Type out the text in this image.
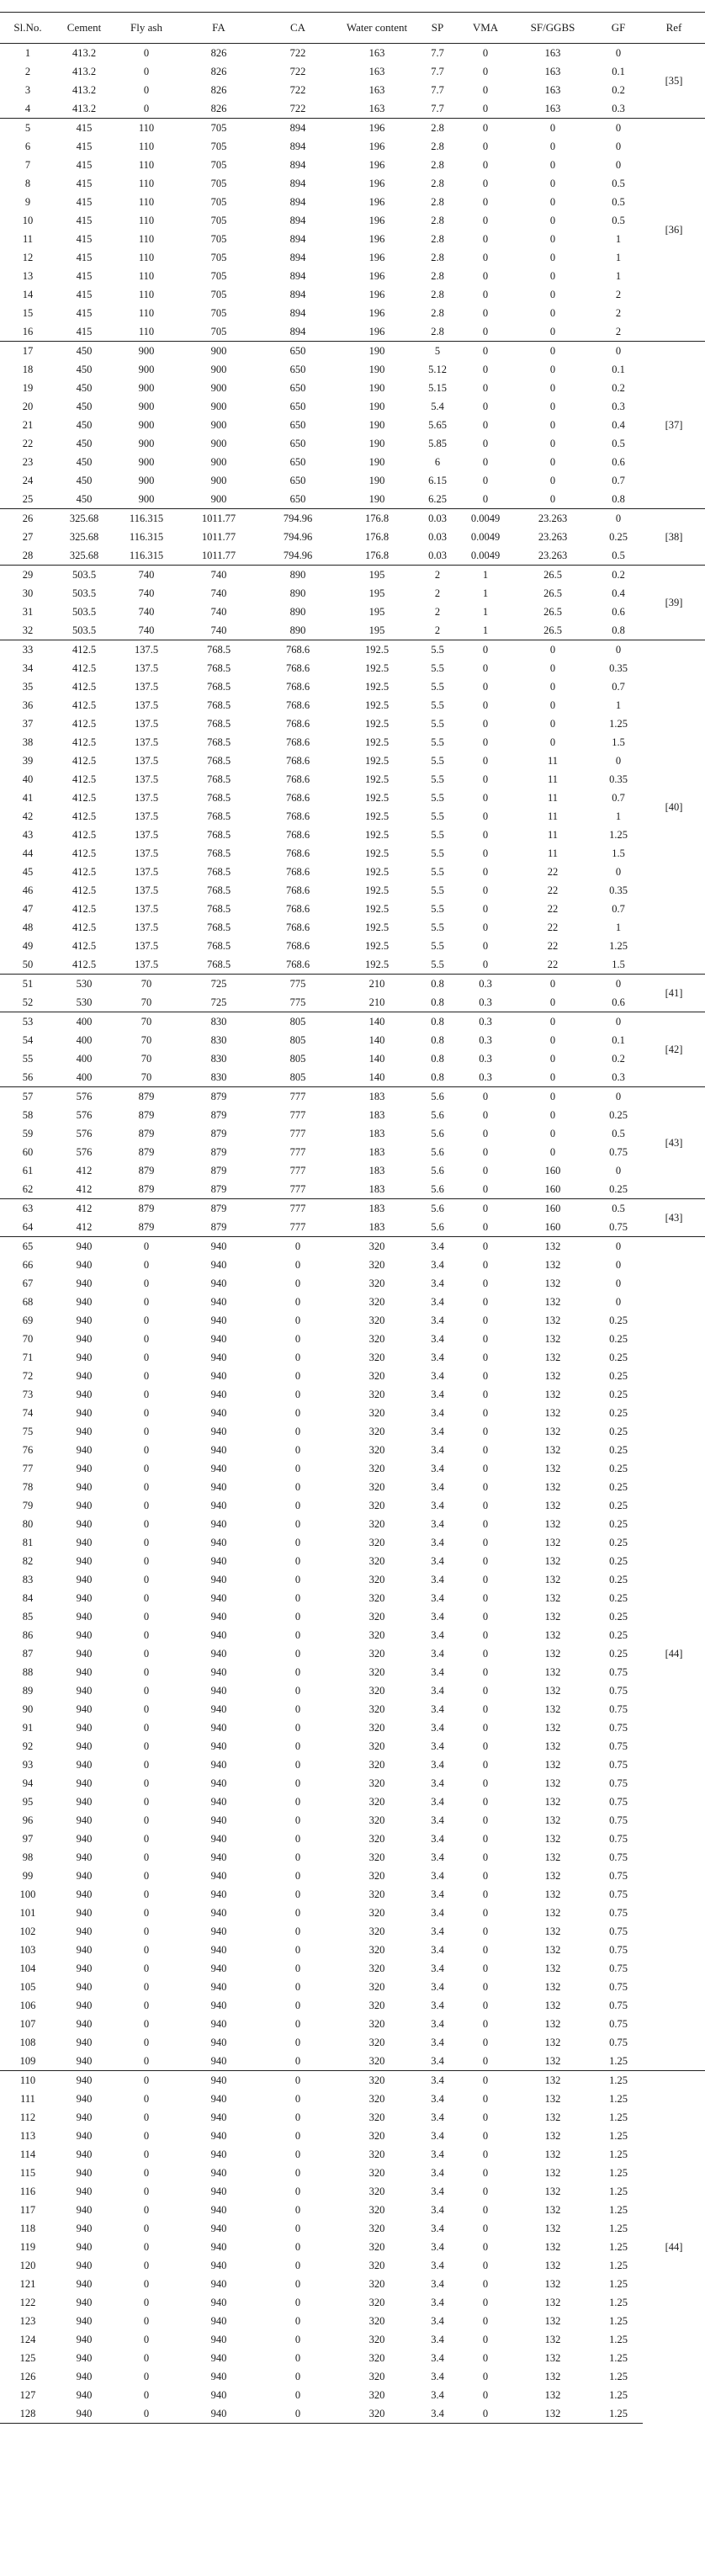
Sl.No.	Cement	Fly ash	FA	CA	Water content	SP	VMA	SF/GGBS	GF	Ref
1	413.2	0	826	722	163	7.7	0	163	0	[35]
2	413.2	0	826	722	163	7.7	0	163	0.1	
3	413.2	0	826	722	163	7.7	0	163	0.2	
4	413.2	0	826	722	163	7.7	0	163	0.3	
5	415	110	705	894	196	2.8	0	0	0	[36]
6	415	110	705	894	196	2.8	0	0	0	
7	415	110	705	894	196	2.8	0	0	0	
8	415	110	705	894	196	2.8	0	0	0.5	
9	415	110	705	894	196	2.8	0	0	0.5	
10	415	110	705	894	196	2.8	0	0	0.5	
11	415	110	705	894	196	2.8	0	0	1	
12	415	110	705	894	196	2.8	0	0	1	
13	415	110	705	894	196	2.8	0	0	1	
14	415	110	705	894	196	2.8	0	0	2	
15	415	110	705	894	196	2.8	0	0	2	
16	415	110	705	894	196	2.8	0	0	2	
17	450	900	900	650	190	5	0	0	0	[37]
18	450	900	900	650	190	5.12	0	0	0.1	
19	450	900	900	650	190	5.15	0	0	0.2	
20	450	900	900	650	190	5.4	0	0	0.3	
21	450	900	900	650	190	5.65	0	0	0.4	
22	450	900	900	650	190	5.85	0	0	0.5	
23	450	900	900	650	190	6	0	0	0.6	
24	450	900	900	650	190	6.15	0	0	0.7	
25	450	900	900	650	190	6.25	0	0	0.8	
26	325.68	116.315	1011.77	794.96	176.8	0.03	0.0049	23.263	0	[38]
27	325.68	116.315	1011.77	794.96	176.8	0.03	0.0049	23.263	0.25	
28	325.68	116.315	1011.77	794.96	176.8	0.03	0.0049	23.263	0.5	
29	503.5	740	740	890	195	2	1	26.5	0.2	[39]
30	503.5	740	740	890	195	2	1	26.5	0.4	
31	503.5	740	740	890	195	2	1	26.5	0.6	
32	503.5	740	740	890	195	2	1	26.5	0.8	
33	412.5	137.5	768.5	768.6	192.5	5.5	0	0	0	[40]
34	412.5	137.5	768.5	768.6	192.5	5.5	0	0	0.35	
35	412.5	137.5	768.5	768.6	192.5	5.5	0	0	0.7	
36	412.5	137.5	768.5	768.6	192.5	5.5	0	0	1	
37	412.5	137.5	768.5	768.6	192.5	5.5	0	0	1.25	
38	412.5	137.5	768.5	768.6	192.5	5.5	0	0	1.5	
39	412.5	137.5	768.5	768.6	192.5	5.5	0	11	0	
40	412.5	137.5	768.5	768.6	192.5	5.5	0	11	0.35	
41	412.5	137.5	768.5	768.6	192.5	5.5	0	11	0.7	
42	412.5	137.5	768.5	768.6	192.5	5.5	0	11	1	
43	412.5	137.5	768.5	768.6	192.5	5.5	0	11	1.25	
44	412.5	137.5	768.5	768.6	192.5	5.5	0	11	1.5	
45	412.5	137.5	768.5	768.6	192.5	5.5	0	22	0	
46	412.5	137.5	768.5	768.6	192.5	5.5	0	22	0.35	
47	412.5	137.5	768.5	768.6	192.5	5.5	0	22	0.7	
48	412.5	137.5	768.5	768.6	192.5	5.5	0	22	1	
49	412.5	137.5	768.5	768.6	192.5	5.5	0	22	1.25	
50	412.5	137.5	768.5	768.6	192.5	5.5	0	22	1.5	
51	530	70	725	775	210	0.8	0.3	0	0	[41]
52	530	70	725	775	210	0.8	0.3	0	0.6	
53	400	70	830	805	140	0.8	0.3	0	0	[42]
54	400	70	830	805	140	0.8	0.3	0	0.1	
55	400	70	830	805	140	0.8	0.3	0	0.2	
56	400	70	830	805	140	0.8	0.3	0	0.3	
57	576	879	879	777	183	5.6	0	0	0	[43]
58	576	879	879	777	183	5.6	0	0	0.25	
59	576	879	879	777	183	5.6	0	0	0.5	
60	576	879	879	777	183	5.6	0	0	0.75	
61	412	879	879	777	183	5.6	0	160	0	
62	412	879	879	777	183	5.6	0	160	0.25	
63	412	879	879	777	183	5.6	0	160	0.5	[43]
64	412	879	879	777	183	5.6	0	160	0.75	
65	940	0	940	0	320	3.4	0	132	0	[44]
66	940	0	940	0	320	3.4	0	132	0	
67	940	0	940	0	320	3.4	0	132	0	
68	940	0	940	0	320	3.4	0	132	0	
69	940	0	940	0	320	3.4	0	132	0.25	
70	940	0	940	0	320	3.4	0	132	0.25	
71	940	0	940	0	320	3.4	0	132	0.25	
72	940	0	940	0	320	3.4	0	132	0.25	
73	940	0	940	0	320	3.4	0	132	0.25	
74	940	0	940	0	320	3.4	0	132	0.25	
75	940	0	940	0	320	3.4	0	132	0.25	
76	940	0	940	0	320	3.4	0	132	0.25	
77	940	0	940	0	320	3.4	0	132	0.25	
78	940	0	940	0	320	3.4	0	132	0.25	
79	940	0	940	0	320	3.4	0	132	0.25	
80	940	0	940	0	320	3.4	0	132	0.25	
81	940	0	940	0	320	3.4	0	132	0.25	
82	940	0	940	0	320	3.4	0	132	0.25	
83	940	0	940	0	320	3.4	0	132	0.25	
84	940	0	940	0	320	3.4	0	132	0.25	
85	940	0	940	0	320	3.4	0	132	0.25	
86	940	0	940	0	320	3.4	0	132	0.25	
87	940	0	940	0	320	3.4	0	132	0.25	
88	940	0	940	0	320	3.4	0	132	0.75	
89	940	0	940	0	320	3.4	0	132	0.75	
90	940	0	940	0	320	3.4	0	132	0.75	
91	940	0	940	0	320	3.4	0	132	0.75	
92	940	0	940	0	320	3.4	0	132	0.75	
93	940	0	940	0	320	3.4	0	132	0.75	
94	940	0	940	0	320	3.4	0	132	0.75	
95	940	0	940	0	320	3.4	0	132	0.75	
96	940	0	940	0	320	3.4	0	132	0.75	
97	940	0	940	0	320	3.4	0	132	0.75	
98	940	0	940	0	320	3.4	0	132	0.75	
99	940	0	940	0	320	3.4	0	132	0.75	
100	940	0	940	0	320	3.4	0	132	0.75	
101	940	0	940	0	320	3.4	0	132	0.75	
102	940	0	940	0	320	3.4	0	132	0.75	
103	940	0	940	0	320	3.4	0	132	0.75	
104	940	0	940	0	320	3.4	0	132	0.75	
105	940	0	940	0	320	3.4	0	132	0.75	
106	940	0	940	0	320	3.4	0	132	0.75	
107	940	0	940	0	320	3.4	0	132	0.75	
108	940	0	940	0	320	3.4	0	132	0.75	
109	940	0	940	0	320	3.4	0	132	1.25	
110	940	0	940	0	320	3.4	0	132	1.25	[44]
111	940	0	940	0	320	3.4	0	132	1.25	
112	940	0	940	0	320	3.4	0	132	1.25	
113	940	0	940	0	320	3.4	0	132	1.25	
114	940	0	940	0	320	3.4	0	132	1.25	
115	940	0	940	0	320	3.4	0	132	1.25	
116	940	0	940	0	320	3.4	0	132	1.25	
117	940	0	940	0	320	3.4	0	132	1.25	
118	940	0	940	0	320	3.4	0	132	1.25	
119	940	0	940	0	320	3.4	0	132	1.25	
120	940	0	940	0	320	3.4	0	132	1.25	
121	940	0	940	0	320	3.4	0	132	1.25	
122	940	0	940	0	320	3.4	0	132	1.25	
123	940	0	940	0	320	3.4	0	132	1.25	
124	940	0	940	0	320	3.4	0	132	1.25	
125	940	0	940	0	320	3.4	0	132	1.25	
126	940	0	940	0	320	3.4	0	132	1.25	
127	940	0	940	0	320	3.4	0	132	1.25	
128	940	0	940	0	320	3.4	0	132	1.25	
